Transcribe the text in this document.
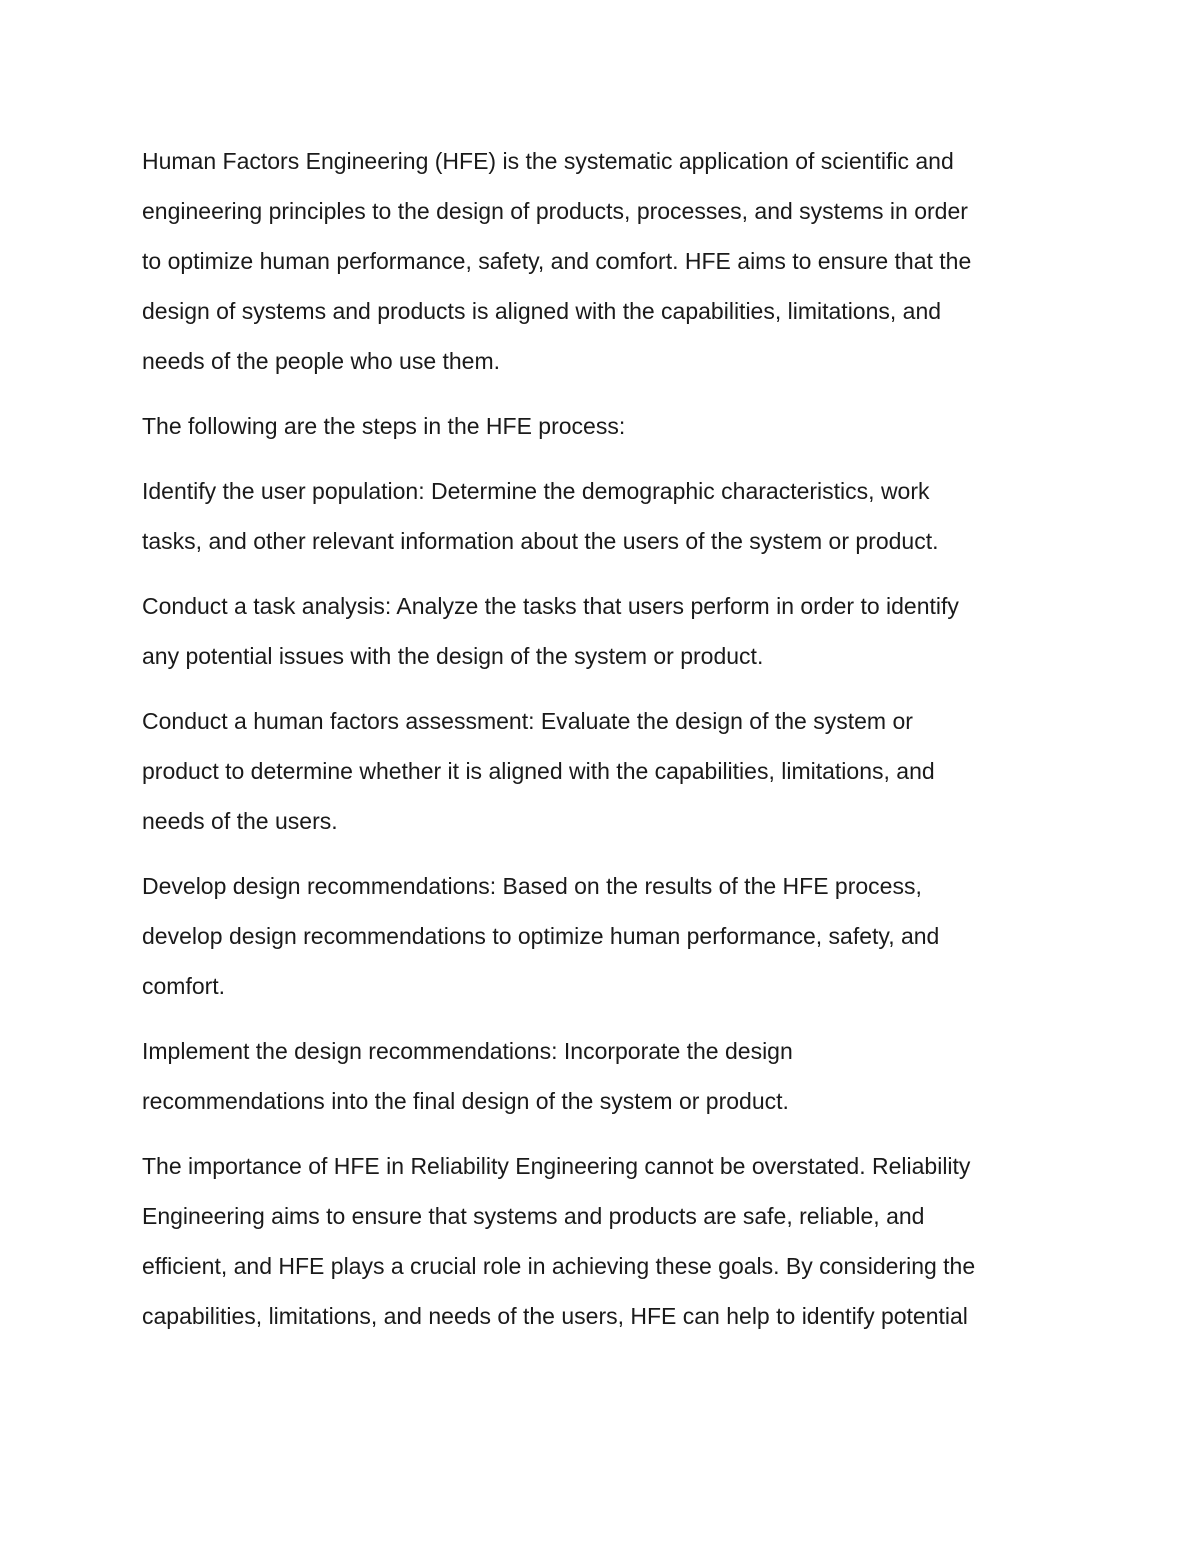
Human Factors Engineering (HFE) is the systematic application of scientific and
engineering principles to the design of products, processes, and systems in order
to optimize human performance, safety, and comfort. HFE aims to ensure that the
design of systems and products is aligned with the capabilities, limitations, and
needs of the people who use them.

The following are the steps in the HFE process:

Identify the user population: Determine the demographic characteristics, work
tasks, and other relevant information about the users of the system or product.

Conduct a task analysis: Analyze the tasks that users perform in order to identify
any potential issues with the design of the system or product.

Conduct a human factors assessment: Evaluate the design of the system or
product to determine whether it is aligned with the capabilities, limitations, and
needs of the users.

Develop design recommendations: Based on the results of the HFE process,
develop design recommendations to optimize human performance, safety, and
comfort.

Implement the design recommendations: Incorporate the design
recommendations into the final design of the system or product.

The importance of HFE in Reliability Engineering cannot be overstated. Reliability
Engineering aims to ensure that systems and products are safe, reliable, and
efficient, and HFE plays a crucial role in achieving these goals. By considering the
capabilities, limitations, and needs of the users, HFE can help to identify potential
